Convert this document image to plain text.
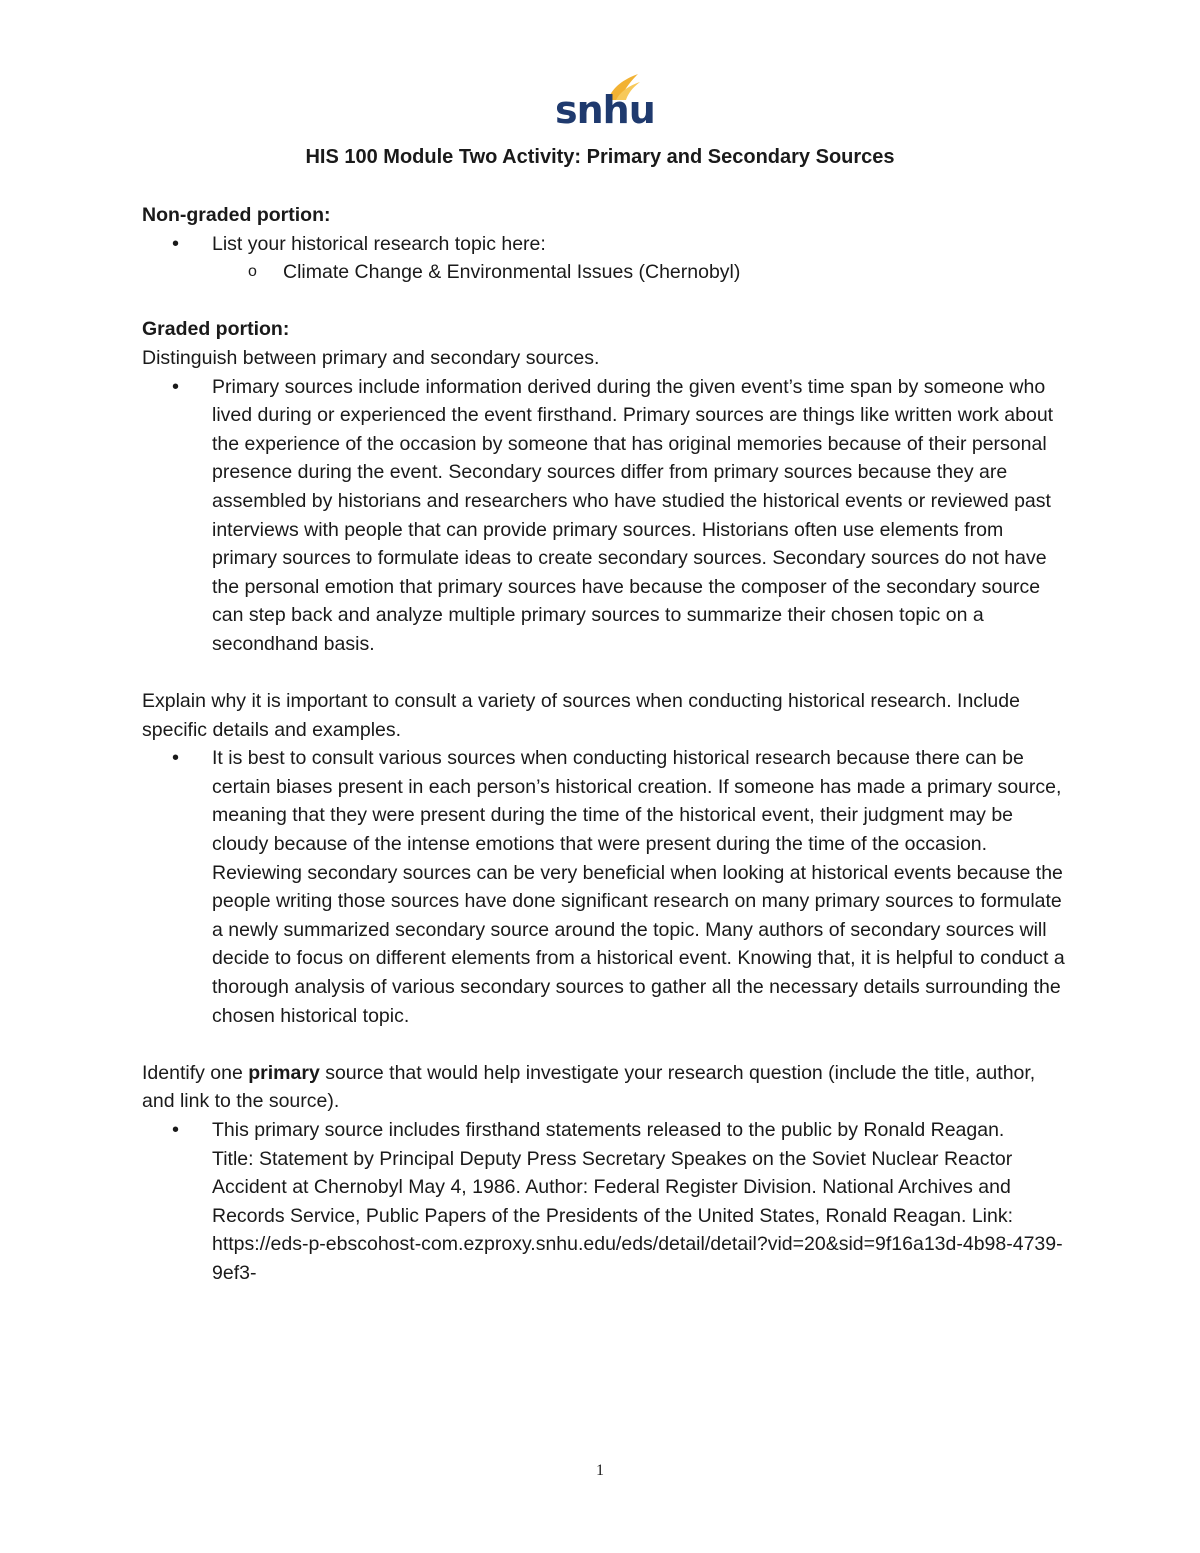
snhu
HIS 100 Module Two Activity: Primary and Secondary Sources
Non-graded portion:
• List your historical research topic here:
o Climate Change & Environmental Issues (Chernobyl)
Graded portion:
Distinguish between primary and secondary sources.
• Primary sources include information derived during the given event’s time span by someone who lived during or experienced the event firsthand. Primary sources are things like written work about the experience of the occasion by someone that has original memories because of their personal presence during the event. Secondary sources differ from primary sources because they are assembled by historians and researchers who have studied the historical events or reviewed past interviews with people that can provide primary sources. Historians often use elements from primary sources to formulate ideas to create secondary sources. Secondary sources do not have the personal emotion that primary sources have because the composer of the secondary source can step back and analyze multiple primary sources to summarize their chosen topic on a secondhand basis.
Explain why it is important to consult a variety of sources when conducting historical research. Include specific details and examples.
• It is best to consult various sources when conducting historical research because there can be certain biases present in each person’s historical creation. If someone has made a primary source, meaning that they were present during the time of the historical event, their judgment may be cloudy because of the intense emotions that were present during the time of the occasion. Reviewing secondary sources can be very beneficial when looking at historical events because the people writing those sources have done significant research on many primary sources to formulate a newly summarized secondary source around the topic. Many authors of secondary sources will decide to focus on different elements from a historical event. Knowing that, it is helpful to conduct a thorough analysis of various secondary sources to gather all the necessary details surrounding the chosen historical topic.
Identify one primary source that would help investigate your research question (include the title, author, and link to the source).
• This primary source includes firsthand statements released to the public by Ronald Reagan.
Title: Statement by Principal Deputy Press Secretary Speakes on the Soviet Nuclear Reactor Accident at Chernobyl May 4, 1986. Author: Federal Register Division. National Archives and Records Service, Public Papers of the Presidents of the United States, Ronald Reagan. Link: https://eds-p-ebscohost-com.ezproxy.snhu.edu/eds/detail/detail?vid=20&sid=9f16a13d-4b98-4739-9ef3-
1
